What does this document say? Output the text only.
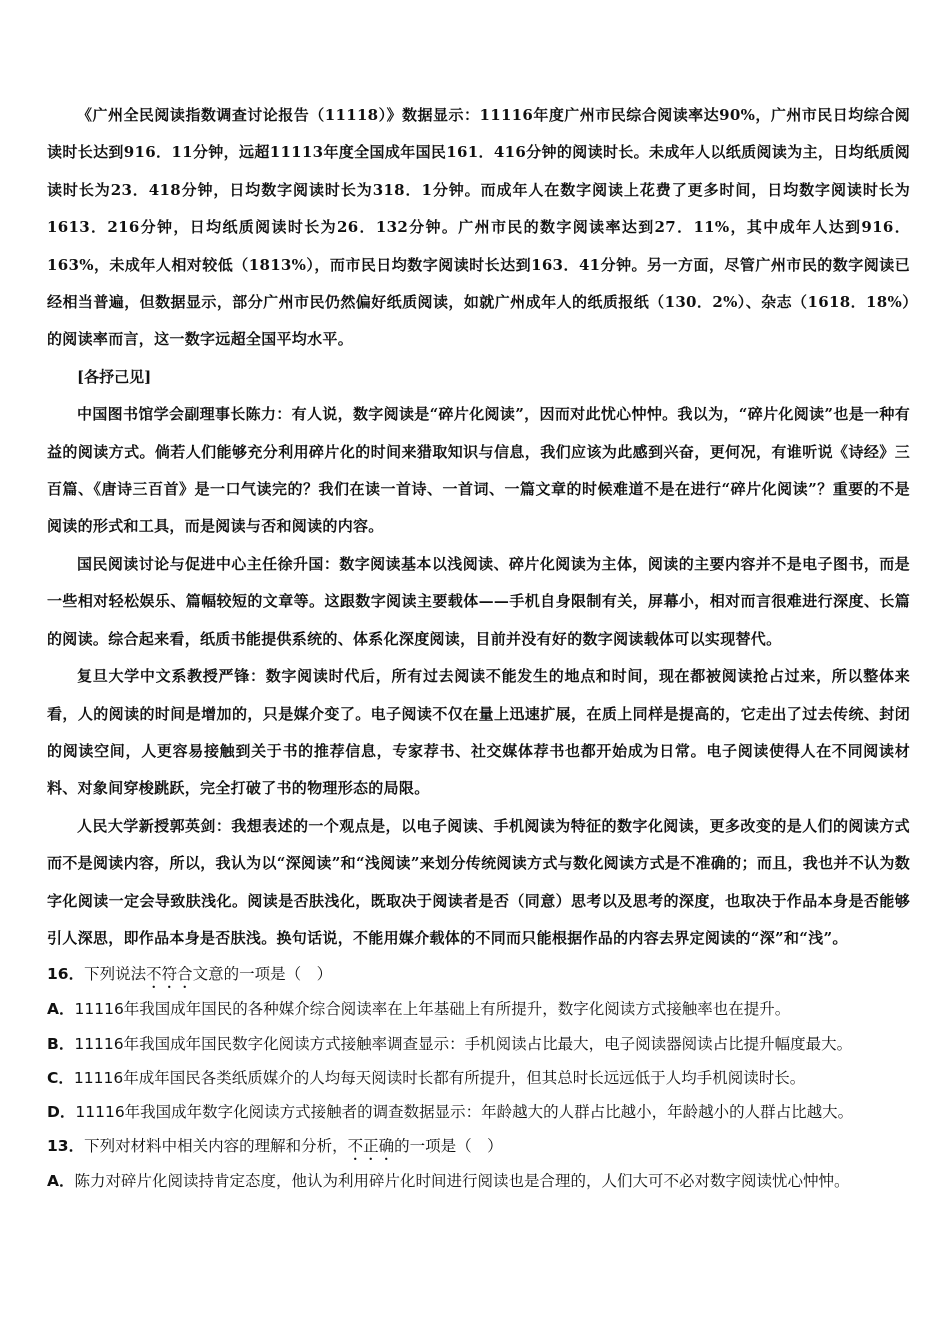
《广州全民阅读指数调查讨论报告（11118）》数据显示：11116年度广州市民综合阅读率达90%，广州市民日均综合阅读时长达到916．11分钟，远超11113年度全国成年国民161．416分钟的阅读时长。未成年人以纸质阅读为主，日均纸质阅读时长为23．418分钟，日均数字阅读时长为318．1分钟。而成年人在数字阅读上花费了更多时间，日均数字阅读时长为1613．216分钟，日均纸质阅读时长为26．132分钟。广州市民的数字阅读率达到27．11%，其中成年人达到916．163%，未成年人相对较低（1813%），而市民日均数字阅读时长达到163．41分钟。另一方面，尽管广州市民的数字阅读已经相当普遍，但数据显示，部分广州市民仍然偏好纸质阅读，如就广州成年人的纸质报纸（130．2%）、杂志（1618．18%）的阅读率而言，这一数字远超全国平均水平。

[各抒己见]

中国图书馆学会副理事长陈力：有人说，数字阅读是“碎片化阅读”，因而对此忧心忡忡。我以为，“碎片化阅读”也是一种有益的阅读方式。倘若人们能够充分利用碎片化的时间来猎取知识与信息，我们应该为此感到兴奋，更何况，有谁听说《诗经》三百篇、《唐诗三百首》是一口气读完的？我们在读一首诗、一首词、一篇文章的时候难道不是在进行“碎片化阅读”？重要的不是阅读的形式和工具，而是阅读与否和阅读的内容。

国民阅读讨论与促进中心主任徐升国：数字阅读基本以浅阅读、碎片化阅读为主体，阅读的主要内容并不是电子图书，而是一些相对轻松娱乐、篇幅较短的文章等。这跟数字阅读主要载体——手机自身限制有关，屏幕小，相对而言很难进行深度、长篇的阅读。综合起来看，纸质书能提供系统的、体系化深度阅读，目前并没有好的数字阅读载体可以实现替代。

复旦大学中文系教授严锋：数字阅读时代后，所有过去阅读不能发生的地点和时间，现在都被阅读抢占过来，所以整体来看，人的阅读的时间是增加的，只是媒介变了。电子阅读不仅在量上迅速扩展，在质上同样是提高的，它走出了过去传统、封闭的阅读空间，人更容易接触到关于书的推荐信息，专家荐书、社交媒体荐书也都开始成为日常。电子阅读使得人在不同阅读材料、对象间穿梭跳跃，完全打破了书的物理形态的局限。

人民大学新授郭英剑：我想表述的一个观点是，以电子阅读、手机阅读为特征的数字化阅读，更多改变的是人们的阅读方式而不是阅读内容，所以，我认为以“深阅读”和“浅阅读”来划分传统阅读方式与数化阅读方式是不准确的；而且，我也并不认为数字化阅读一定会导致肤浅化。阅读是否肤浅化，既取决于阅读者是否（同意）思考以及思考的深度，也取决于作品本身是否能够引人深思，即作品本身是否肤浅。换句话说，不能用媒介载体的不同而只能根据作品的内容去界定阅读的“深”和“浅”。

16．下列说法不符合文意的一项是（　）

A．11116年我国成年国民的各种媒介综合阅读率在上年基础上有所提升，数字化阅读方式接触率也在提升。

B．11116年我国成年国民数字化阅读方式接触率调查显示：手机阅读占比最大，电子阅读器阅读占比提升幅度最大。

C．11116年成年国民各类纸质媒介的人均每天阅读时长都有所提升，但其总时长远远低于人均手机阅读时长。

D．11116年我国成年数字化阅读方式接触者的调查数据显示：年龄越大的人群占比越小，年龄越小的人群占比越大。

13．下列对材料中相关内容的理解和分析，不正确的一项是（　）

A．陈力对碎片化阅读持肯定态度，他认为利用碎片化时间进行阅读也是合理的，人们大可不必对数字阅读忧心忡忡。
